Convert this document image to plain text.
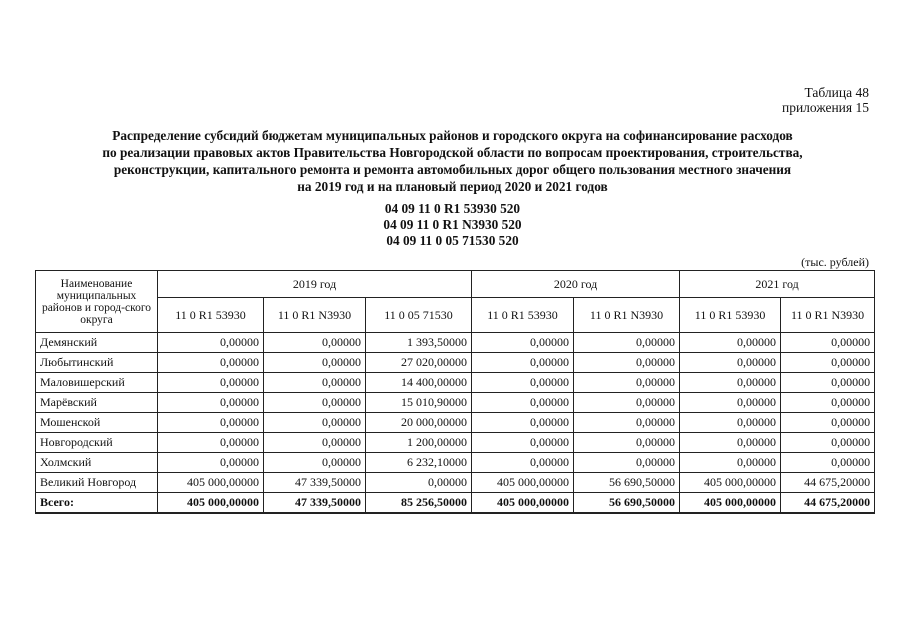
Таблица 48
приложения 15
Распределение субсидий бюджетам муниципальных районов и городского округа на софинансирование расходов
по реализации правовых актов Правительства Новгородской области по вопросам проектирования, строительства,
реконструкции, капитального ремонта и ремонта автомобильных дорог общего пользования местного значения
на 2019 год и на плановый период 2020 и 2021 годов
04 09 11 0 R1 53930 520
04 09 11 0 R1 N3930 520
04 09 11 0 05 71530 520
(тыс. рублей)
Наименование муниципальных районов и город-ского округа	2019 год			2020 год		2021 год	
	11 0 R1 53930	11 0 R1 N3930	11 0 05 71530	11 0 R1 53930	11 0 R1 N3930	11 0 R1 53930	11 0 R1 N3930
Демянский	0,00000	0,00000	1 393,50000	0,00000	0,00000	0,00000	0,00000
Любытинский	0,00000	0,00000	27 020,00000	0,00000	0,00000	0,00000	0,00000
Маловишерский	0,00000	0,00000	14 400,00000	0,00000	0,00000	0,00000	0,00000
Марёвский	0,00000	0,00000	15 010,90000	0,00000	0,00000	0,00000	0,00000
Мошенской	0,00000	0,00000	20 000,00000	0,00000	0,00000	0,00000	0,00000
Новгородский	0,00000	0,00000	1 200,00000	0,00000	0,00000	0,00000	0,00000
Холмский	0,00000	0,00000	6 232,10000	0,00000	0,00000	0,00000	0,00000
Великий Новгород	405 000,00000	47 339,50000	0,00000	405 000,00000	56 690,50000	405 000,00000	44 675,20000
Всего:	405 000,00000	47 339,50000	85 256,50000	405 000,00000	56 690,50000	405 000,00000	44 675,20000
